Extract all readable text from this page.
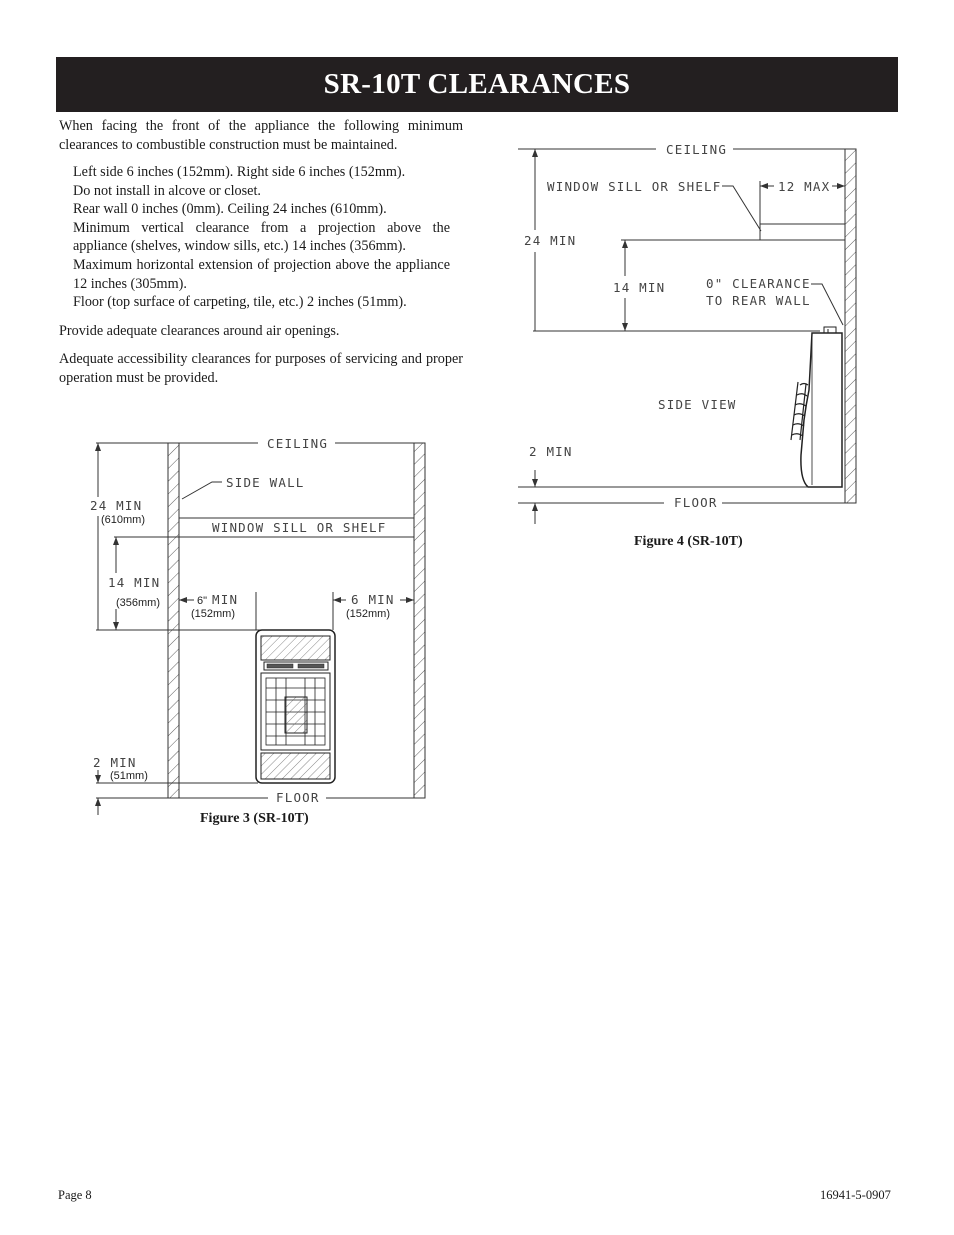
SR-10T CLEARANCES

When facing the front of the appliance the following minimum clearances to combustible construction must be maintained.

Left side 6 inches (152mm). Right side 6 inches (152mm).
Do not install in alcove or closet.
Rear wall 0 inches (0mm). Ceiling 24 inches (610mm).
Minimum vertical clearance from a projection above the appliance (shelves, window sills, etc.) 14 inches (356mm).
Maximum horizontal extension of projection above the appliance 12 inches (305mm).
Floor (top surface of carpeting, tile, etc.) 2 inches (51mm).

Provide adequate clearances around air openings.

Adequate accessibility clearances for purposes of servicing and proper operation must be provided.

CEILING
WINDOW SILL OR SHELF
SIDE WALL
FLOOR
24 MIN
(610mm)
14 MIN
(356mm)	6" MIN
(152mm)
6 MIN
(152mm)
2 MIN
(51mm)
Figure 3 (SR-10T)
CEILING
24 MIN
WINDOW SILL OR SHELF	12 MAX
14 MIN	0" CLEARANCE
TO REAR WALL
SIDE VIEW
2 MIN
FLOOR
Figure 4 (SR-10T)
Page 8	16941-5-0907
